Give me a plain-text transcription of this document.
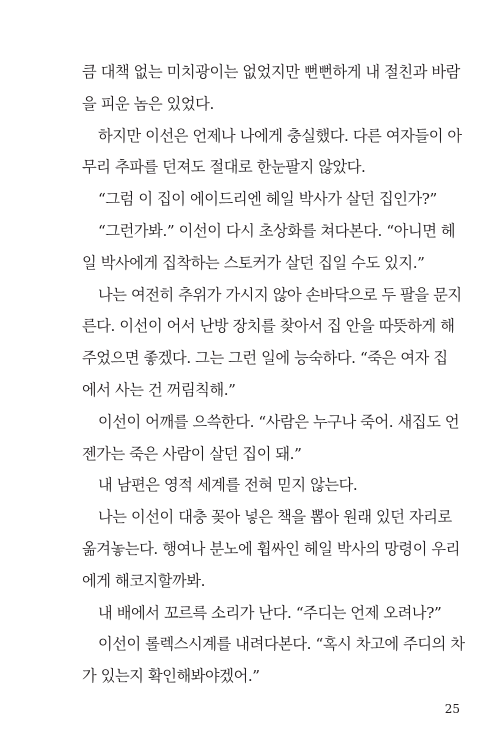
큼 대책 없는 미치광이는 없었지만 뻔뻔하게 내 절친과 바람
을 피운 놈은 있었다.
하지만 이선은 언제나 나에게 충실했다. 다른 여자들이 아
무리 추파를 던져도 절대로 한눈팔지 않았다.
“그럼 이 집이 에이드리엔 헤일 박사가 살던 집인가?”
“그런가봐.” 이선이 다시 초상화를 쳐다본다. “아니면 헤
일 박사에게 집착하는 스토커가 살던 집일 수도 있지.”
나는 여전히 추위가 가시지 않아 손바닥으로 두 팔을 문지
른다. 이선이 어서 난방 장치를 찾아서 집 안을 따뜻하게 해
주었으면 좋겠다. 그는 그런 일에 능숙하다. “죽은 여자 집
에서 사는 건 꺼림칙해.”
이선이 어깨를 으쓱한다. “사람은 누구나 죽어. 새집도 언
젠가는 죽은 사람이 살던 집이 돼.”
내 남편은 영적 세계를 전혀 믿지 않는다.
나는 이선이 대충 꽂아 넣은 책을 뽑아 원래 있던 자리로
옮겨놓는다. 행여나 분노에 휩싸인 헤일 박사의 망령이 우리
에게 해코지할까봐.
내 배에서 꼬르륵 소리가 난다. “주디는 언제 오려나?”
이선이 롤렉스시계를 내려다본다. “혹시 차고에 주디의 차
가 있는지 확인해봐야겠어.”
25
